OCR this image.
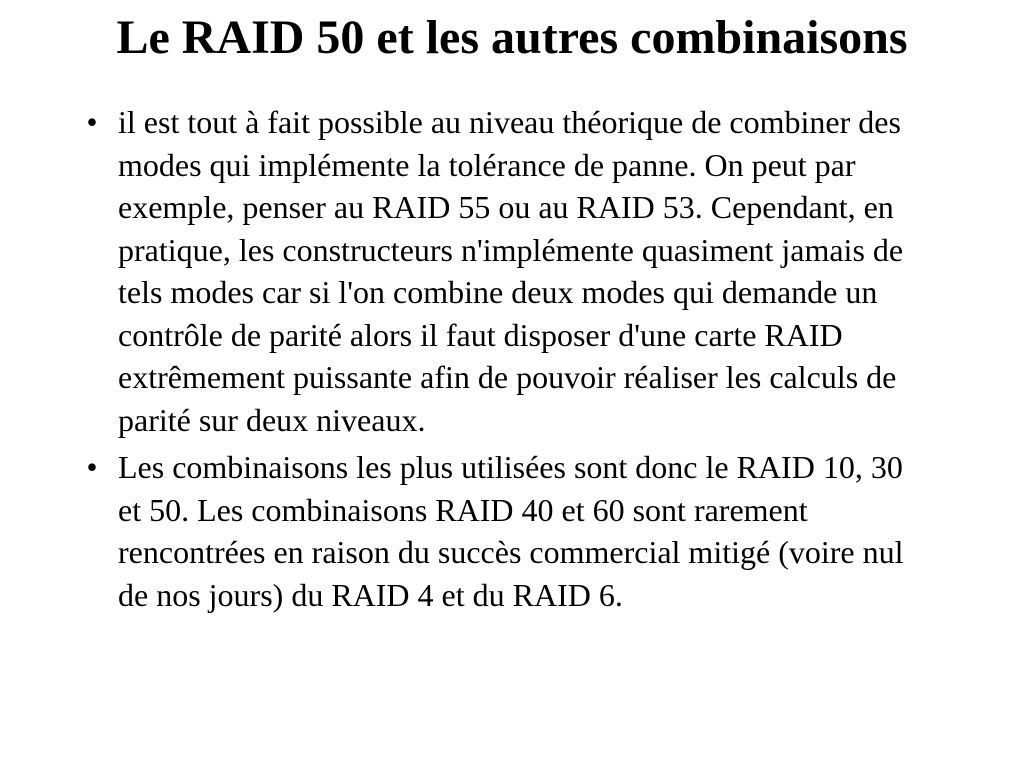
Le RAID 50 et les autres combinaisons
• il est tout à fait possible au niveau théorique de combiner des modes qui implémente la tolérance de panne. On peut par exemple, penser au RAID 55 ou au RAID 53. Cependant, en pratique, les constructeurs n'implémente quasiment jamais de tels modes car si l'on combine deux modes qui demande un contrôle de parité alors il faut disposer d'une carte RAID extrêmement puissante afin de pouvoir réaliser les calculs de parité sur deux niveaux.
• Les combinaisons les plus utilisées sont donc le RAID 10, 30 et 50. Les combinaisons RAID 40 et 60 sont rarement rencontrées en raison du succès commercial mitigé (voire nul de nos jours) du RAID 4 et du RAID 6.
